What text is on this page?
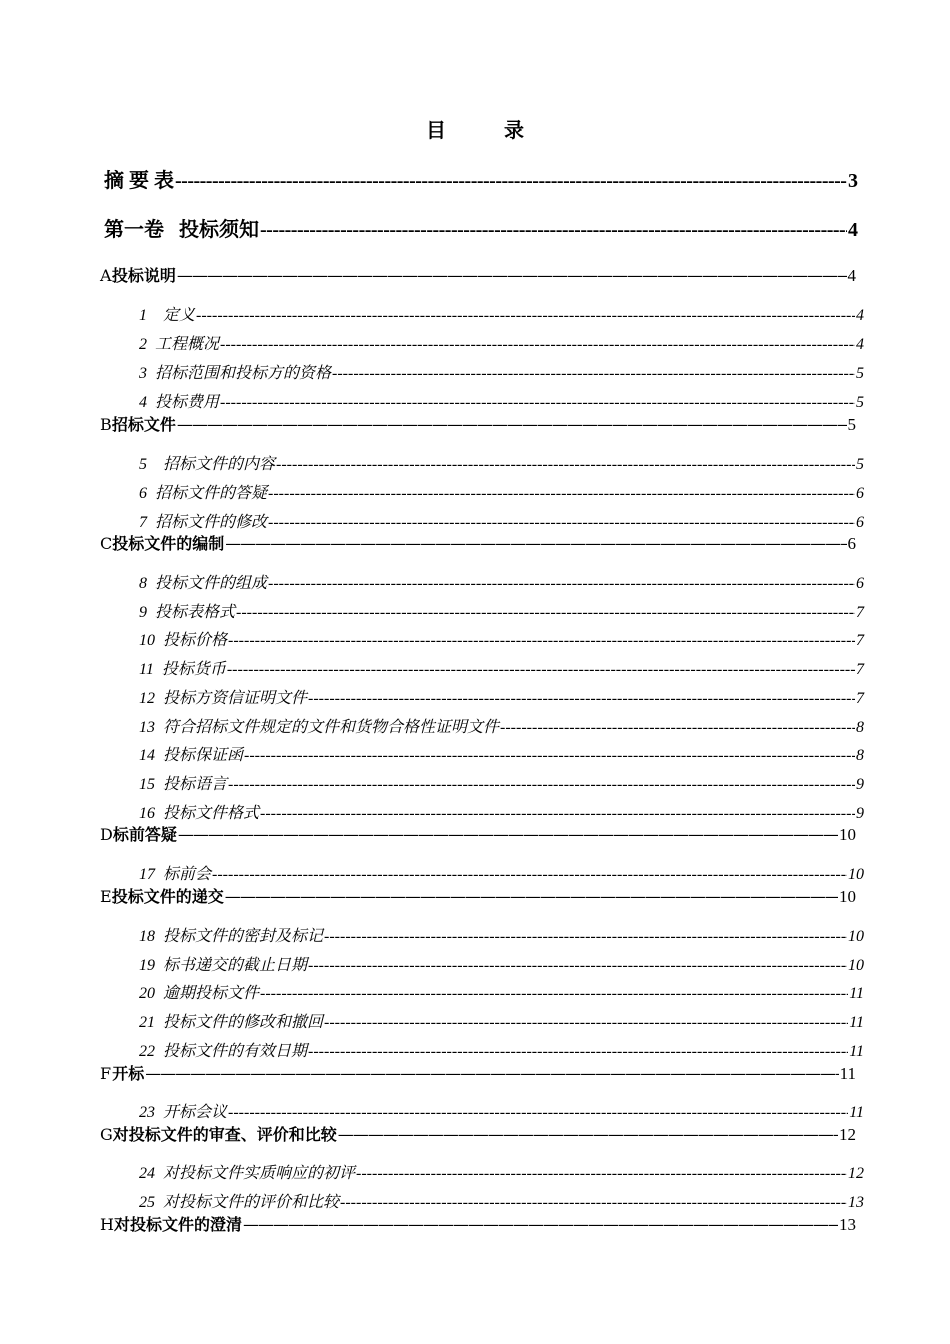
目	录
摘 要 表 -----	3
第一卷   投标须知 -----	4
A 投标说明 —————	4
1 定义 -----	4
2 工程概况 -----	4
3 招标范围和投标方的资格 -----	5
4 投标费用 -----	5
B 招标文件 —————	5
5 招标文件的内容 -----	5
6 招标文件的答疑 -----	6
7 招标文件的修改 -----	6
C 投标文件的编制 —————	6
8 投标文件的组成 -----	6
9 投标表格式 -----	7
10 投标价格 -----	7
11 投标货币 -----	7
12 投标方资信证明文件 -----	7
13 符合招标文件规定的文件和货物合格性证明文件 -----	8
14 投标保证函 -----	8
15 投标语言 -----	9
16 投标文件格式 -----	9
D 标前答疑 —————	10
17 标前会 -----	10
E 投标文件的递交 —————	10
18 投标文件的密封及标记 -----	10
19 标书递交的截止日期 -----	10
20 逾期投标文件 -----	11
21 投标文件的修改和撤回 -----	11
22 投标文件的有效日期 -----	11
F 开标 —————	11
23 开标会议 -----	11
G 对投标文件的审查、评价和比较 —————	12
24 对投标文件实质响应的初评 -----	12
25 对投标文件的评价和比较 -----	13
H 对投标文件的澄清 —————	13
